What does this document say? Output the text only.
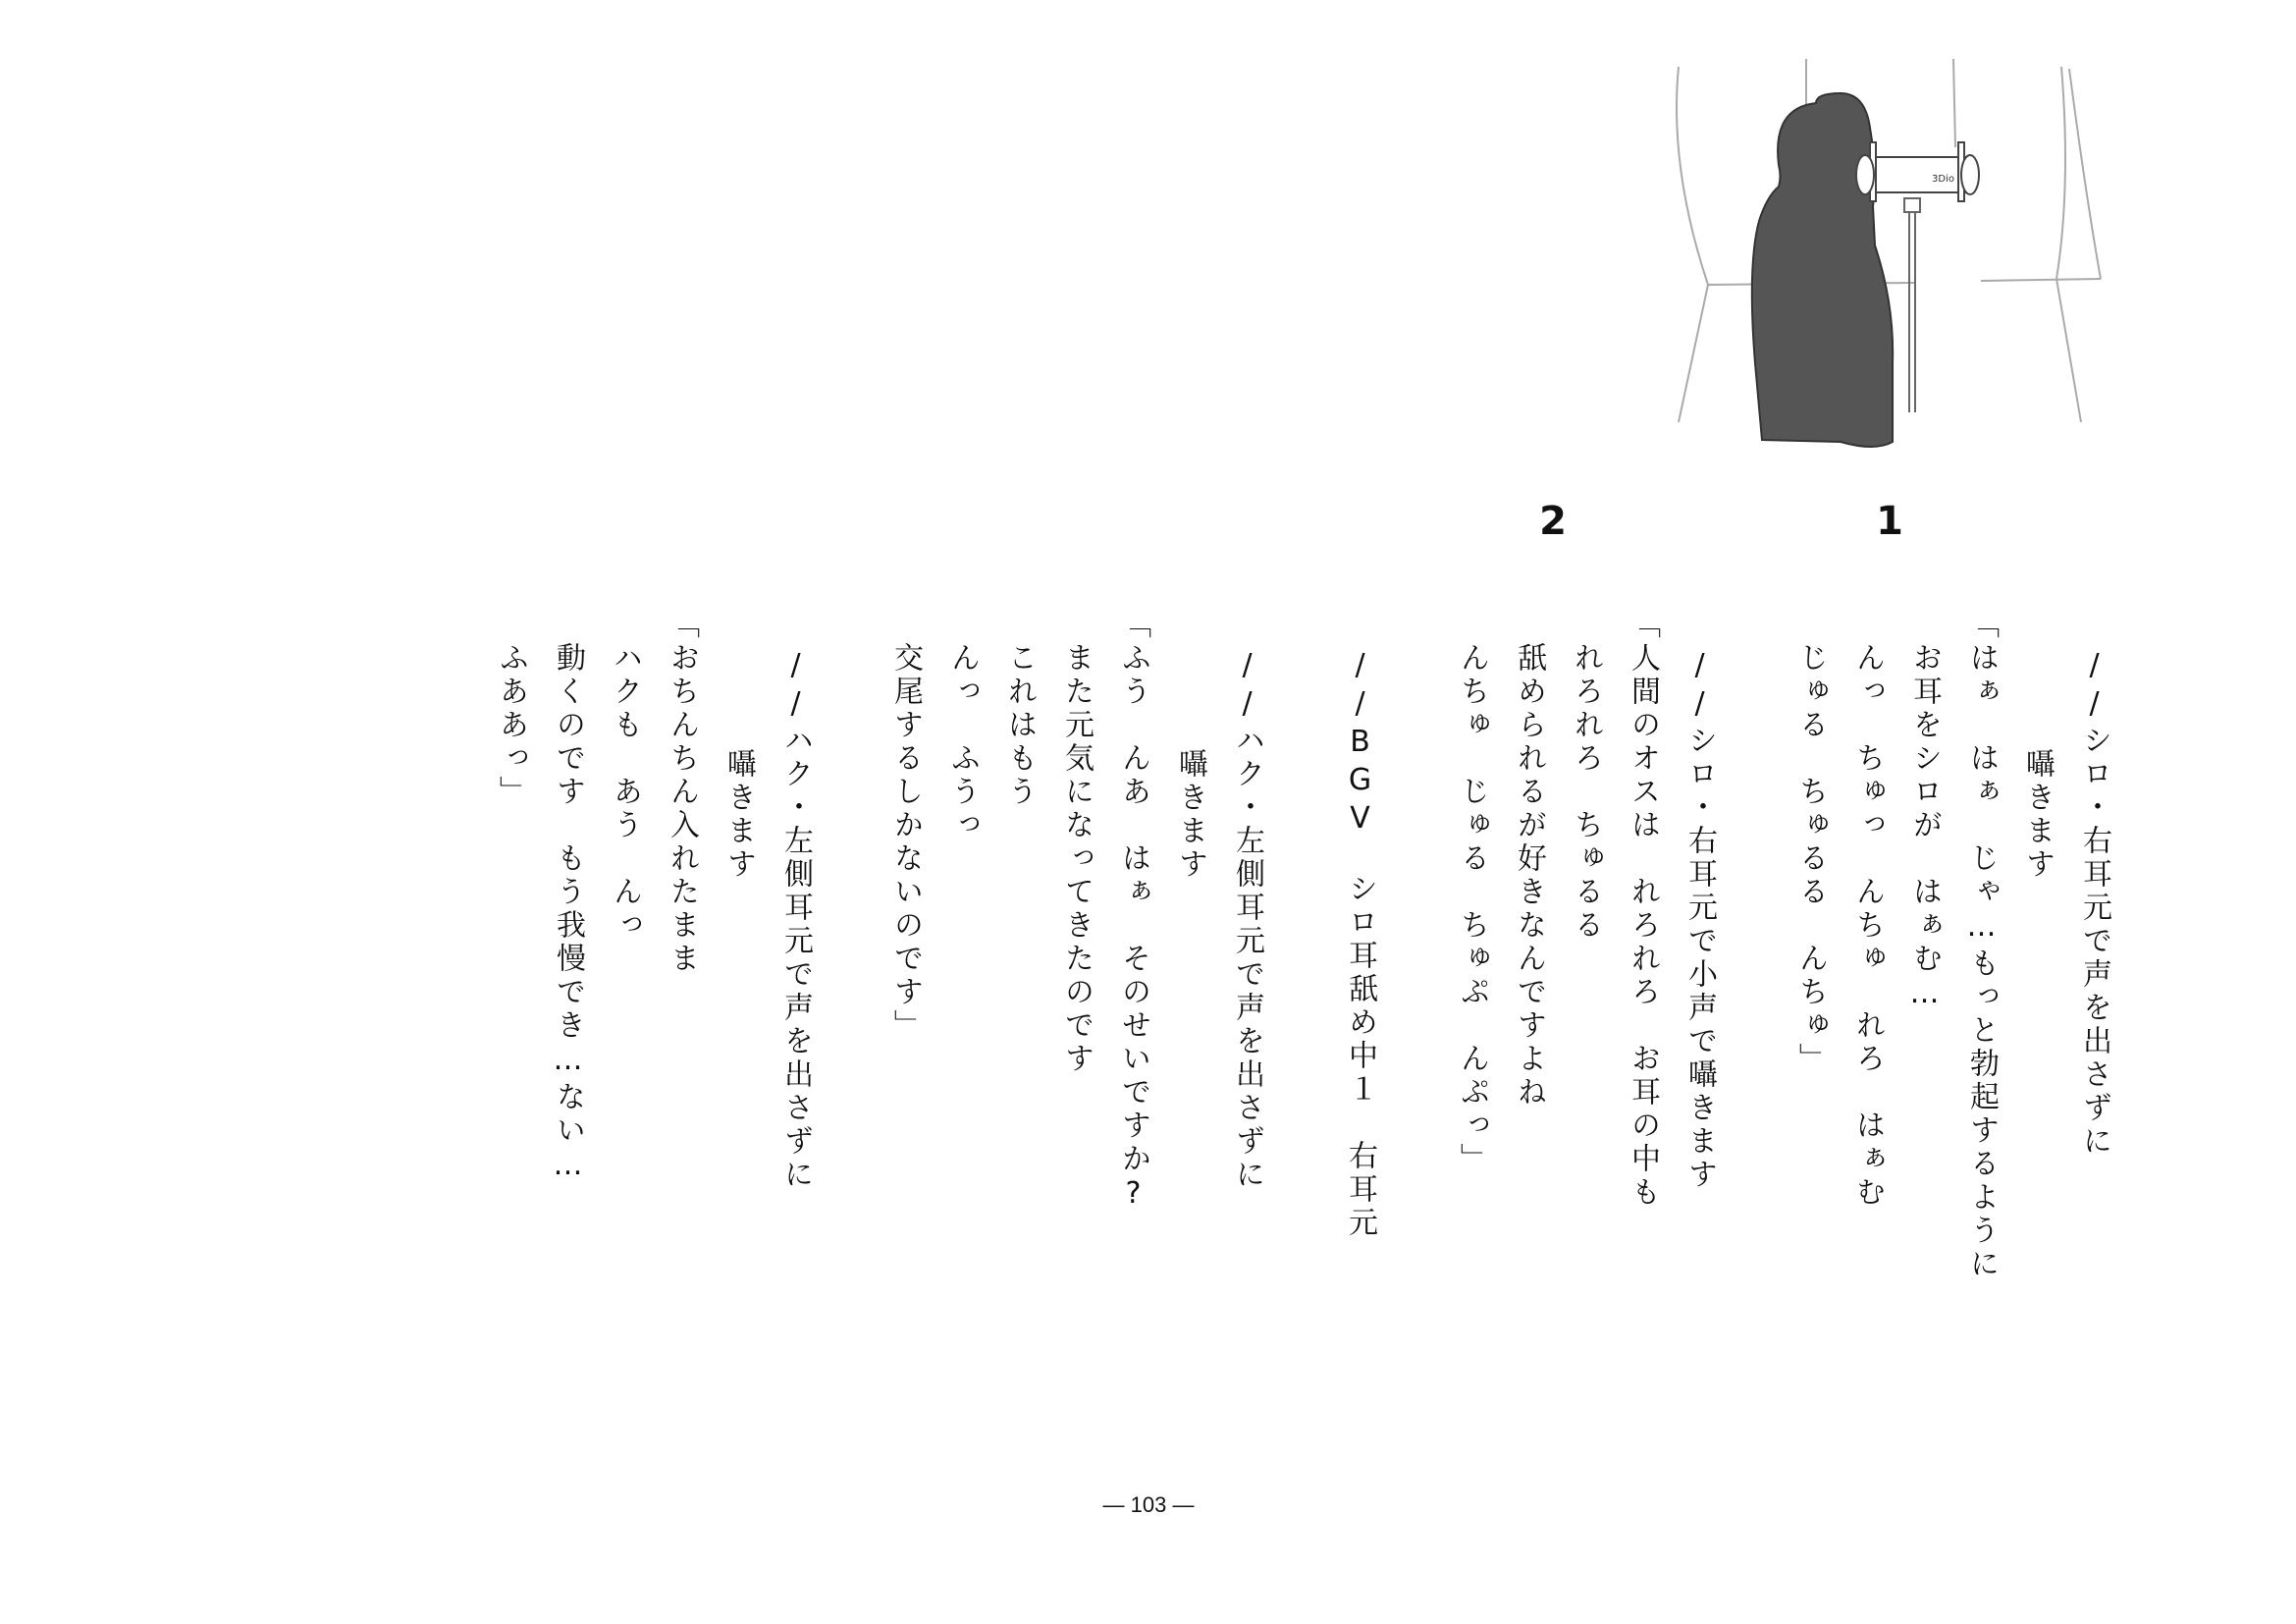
3Dio
1
2
//シロ・右耳元で声を出さずに
　　　囁きます
「はぁ　はぁ　じゃ…もっと勃起するように
　お耳をシロが　はぁむ…
　んっ　ちゅっ　んちゅ　れろ　はぁむ
　じゅる　ちゅるる　んちゅ」
//シロ・右耳元で小声で囁きます
「人間のオスは　れろれろ　お耳の中も
　れろれろ　ちゅるる
　舐められるが好きなんですよね
　んちゅ　じゅる　ちゅぷ　んぷっ」
//BGV　シロ耳舐め中１　右耳元
//ハク・左側耳元で声を出さずに
　　　囁きます
「ふう　んあ　はぁ　そのせいですか?
　また元気になってきたのです
　これはもう
　んっ　ふうっ
　交尾するしかないのです」
//ハク・左側耳元で声を出さずに
　　　囁きます
「おちんちん入れたまま
　ハクも　あう　んっ
　動くのです　もう我慢でき…ない…
　ふああっ」
― 103 ―
